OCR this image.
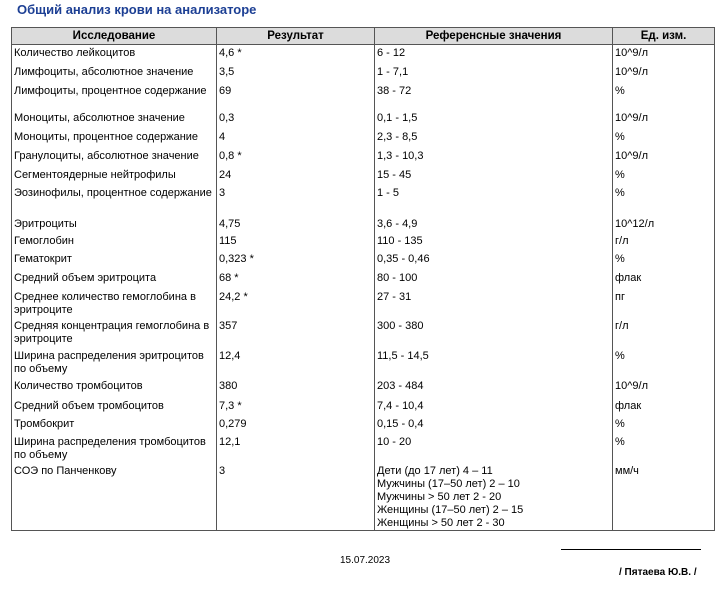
Общий анализ крови на анализаторе
Исследование	Результат	Референсные значения	Ед. изм.
Количество лейкоцитов	4,6 *	6 - 12	10^9/л
Лимфоциты, абсолютное значение	3,5	1 - 7,1	10^9/л
Лимфоциты, процентное содержание	69	38 - 72	%
Моноциты, абсолютное значение	0,3	0,1 - 1,5	10^9/л
Моноциты, процентное содержание	4	2,3 - 8,5	%
Гранулоциты, абсолютное значение	0,8 *	1,3 - 10,3	10^9/л
Сегментоядерные нейтрофилы	24	15 - 45	%
Эозинофилы, процентное содержание	3	1 - 5	%
Эритроциты	4,75	3,6 - 4,9	10^12/л
Гемоглобин	115	110 - 135	г/л
Гематокрит	0,323 *	0,35 - 0,46	%
Средний объем эритроцита	68 *	80 - 100	флак
Среднее количество гемоглобина в эритроците	24,2 *	27 - 31	пг
Средняя концентрация гемоглобина в эритроците	357	300 - 380	г/л
Ширина распределения эритроцитов по объему	12,4	11,5 - 14,5	%
Количество тромбоцитов	380	203 - 484	10^9/л
Средний объем тромбоцитов	7,3 *	7,4 - 10,4	флак
Тромбокрит	0,279	0,15 - 0,4	%
Ширина распределения тромбоцитов по объему	12,1	10 - 20	%
СОЭ по Панченкову	3	Дети (до 17 лет) 4 – 11
Мужчины (17–50 лет) 2 – 10
Мужчины > 50 лет 2 - 20
Женщины (17–50 лет) 2 – 15
Женщины > 50 лет 2 - 30	мм/ч
15.07.2023
/ Пятаева Ю.В. /
